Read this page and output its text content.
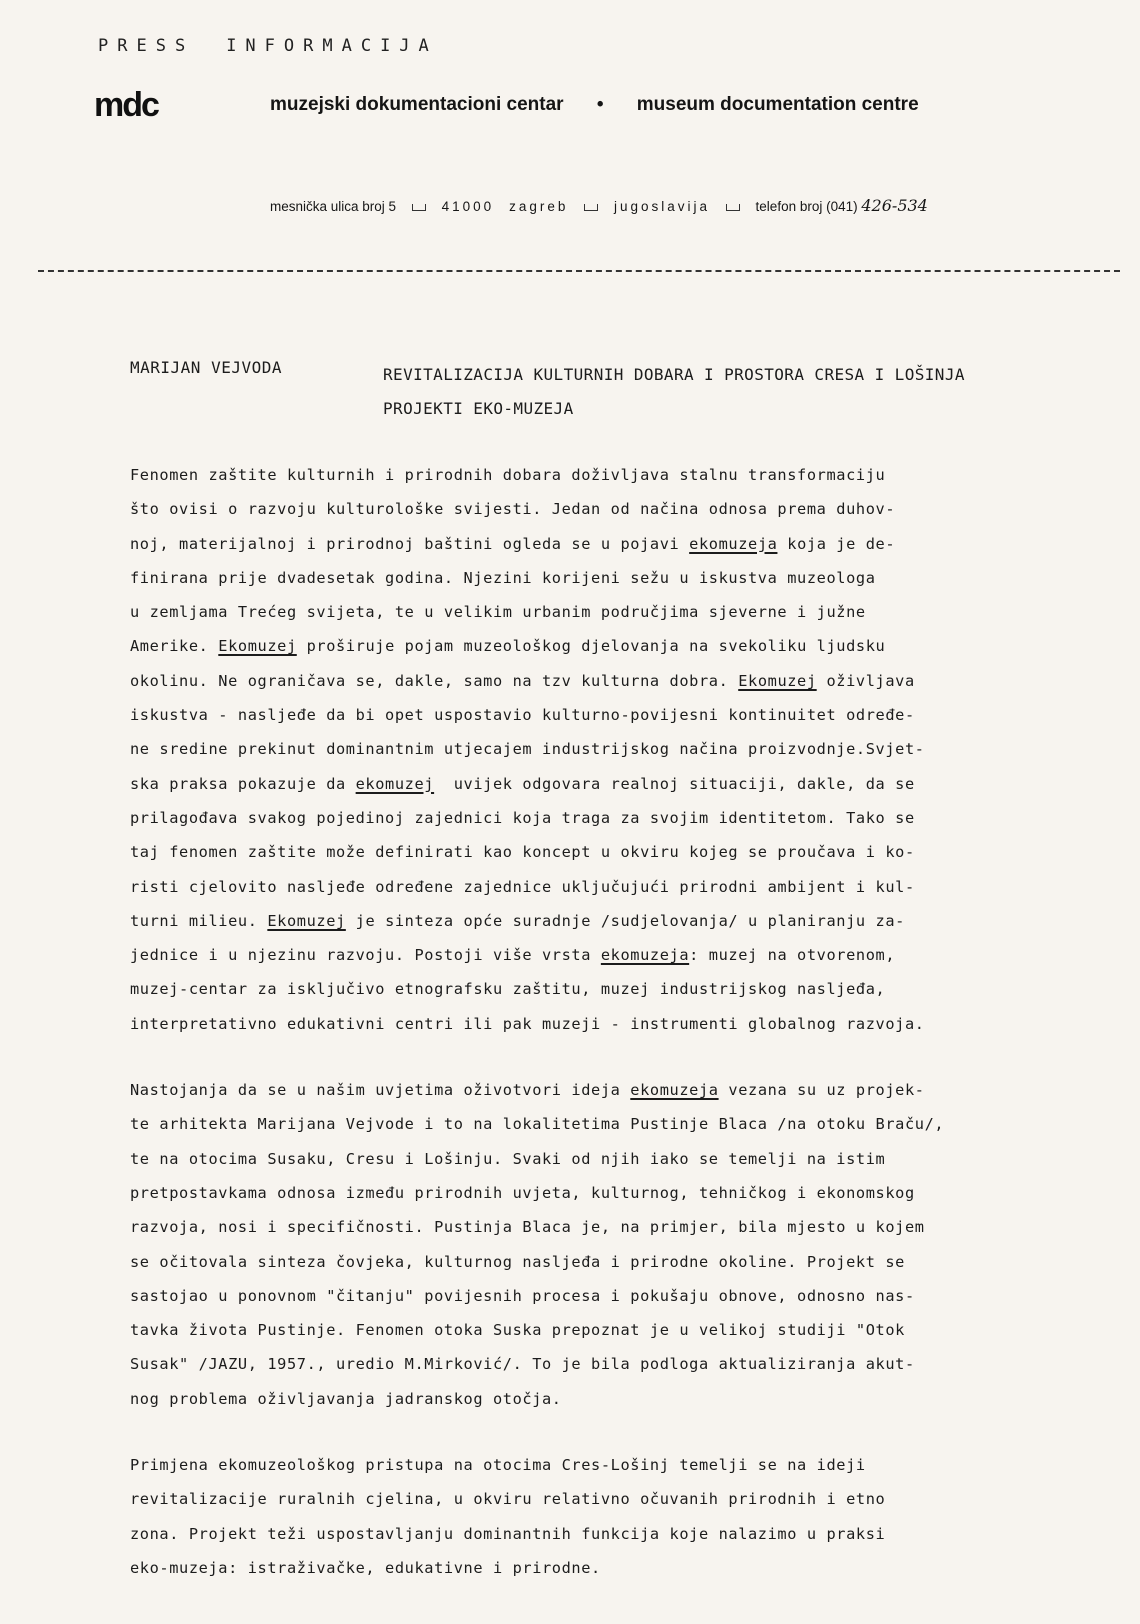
PRESS INFORMACIJA
mdc	muzejski dokumentacioni centar • museum documentation centre
mesnička ulica broj 5	41000 zagreb	jugoslavija	telefon broj (041) 426-534
MARIJAN VEJVODA	REVITALIZACIJA KULTURNIH DOBARA I PROSTORA CRESA I LOŠINJA
PROJEKTI EKO-MUZEJA
Fenomen zaštite kulturnih i prirodnih dobara doživljava stalnu transformaciju
što ovisi o razvoju kulturološke svijesti. Jedan od načina odnosa prema duhov-
noj, materijalnoj i prirodnoj baštini ogleda se u pojavi ekomuzeja koja je de-
finirana prije dvadesetak godina. Njezini korijeni sežu u iskustva muzeologa
u zemljama Trećeg svijeta, te u velikim urbanim područjima sjeverne i južne
Amerike. Ekomuzej proširuje pojam muzeološkog djelovanja na svekoliku ljudsku
okolinu. Ne ograničava se, dakle, samo na tzv kulturna dobra. Ekomuzej oživljava
iskustva - nasljeđe da bi opet uspostavio kulturno-povijesni kontinuitet određe-
ne sredine prekinut dominantnim utjecajem industrijskog načina proizvodnje.Svjet-
ska praksa pokazuje da ekomuzej  uvijek odgovara realnoj situaciji, dakle, da se
prilagođava svakog pojedinoj zajednici koja traga za svojim identitetom. Tako se
taj fenomen zaštite može definirati kao koncept u okviru kojeg se proučava i ko-
risti cjelovito nasljeđe određene zajednice uključujući prirodni ambijent i kul-
turni milieu. Ekomuzej je sinteza opće suradnje /sudjelovanja/ u planiranju za-
jednice i u njezinu razvoju. Postoji više vrsta ekomuzeja: muzej na otvorenom,
muzej-centar za isključivo etnografsku zaštitu, muzej industrijskog nasljeđa,
interpretativno edukativni centri ili pak muzeji - instrumenti globalnog razvoja.
Nastojanja da se u našim uvjetima oživotvori ideja ekomuzeja vezana su uz projek-
te arhitekta Marijana Vejvode i to na lokalitetima Pustinje Blaca /na otoku Braču/,
te na otocima Susaku, Cresu i Lošinju. Svaki od njih iako se temelji na istim
pretpostavkama odnosa između prirodnih uvjeta, kulturnog, tehničkog i ekonomskog
razvoja, nosi i specifičnosti. Pustinja Blaca je, na primjer, bila mjesto u kojem
se očitovala sinteza čovjeka, kulturnog nasljeđa i prirodne okoline. Projekt se
sastojao u ponovnom "čitanju" povijesnih procesa i pokušaju obnove, odnosno nas-
tavka života Pustinje. Fenomen otoka Suska prepoznat je u velikoj studiji "Otok
Susak" /JAZU, 1957., uredio M.Mirković/. To je bila podloga aktualiziranja akut-
nog problema oživljavanja jadranskog otočja.
Primjena ekomuzeološkog pristupa na otocima Cres-Lošinj temelji se na ideji
revitalizacije ruralnih cjelina, u okviru relativno očuvanih prirodnih i etno
zona. Projekt teži uspostavljanju dominantnih funkcija koje nalazimo u praksi
eko-muzeja: istraživačke, edukativne i prirodne.
